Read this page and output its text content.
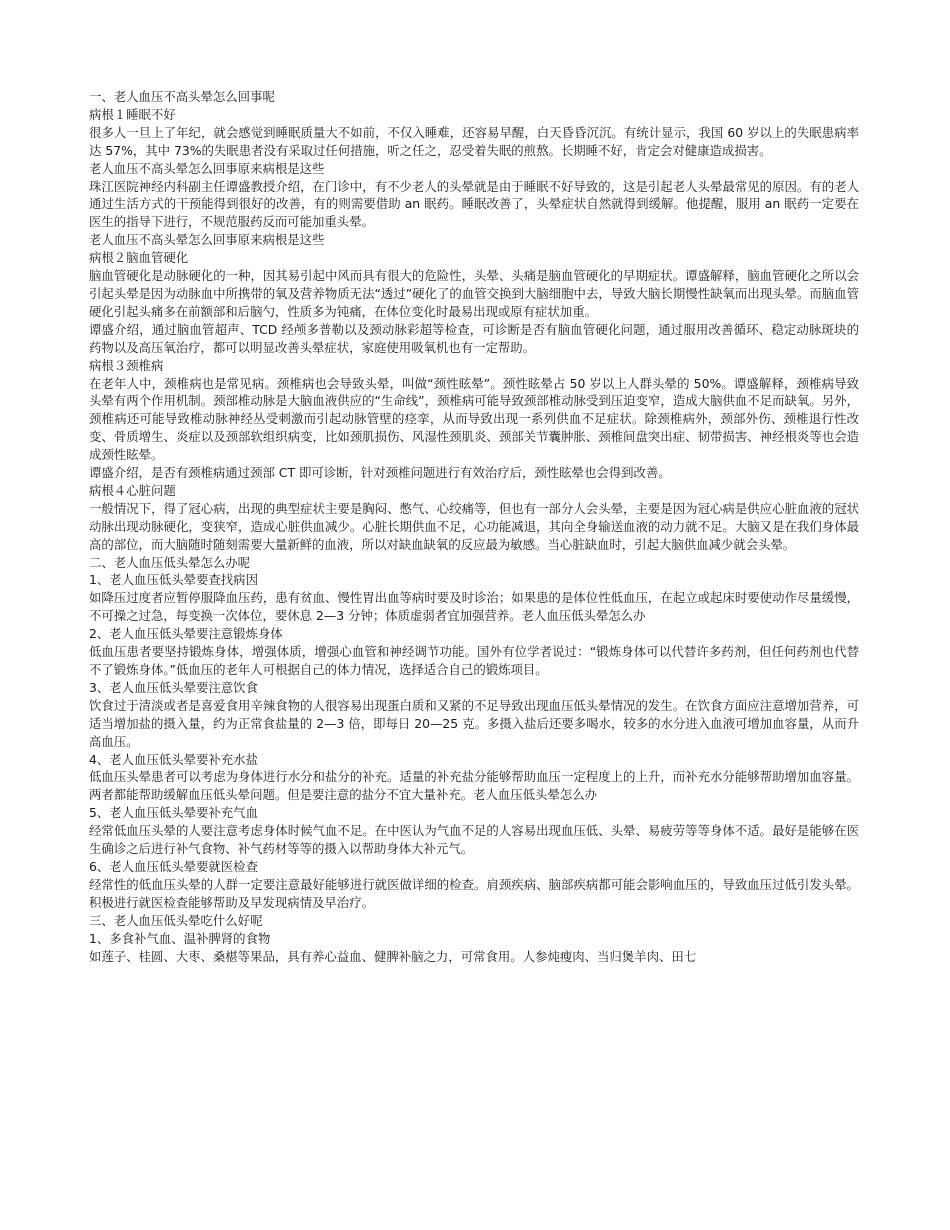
一、老人血压不高头晕怎么回事呢

病根１睡眠不好

很多人一旦上了年纪，就会感觉到睡眠质量大不如前，不仅入睡难，还容易早醒，白天昏昏沉沉。有统计显示，我国 60 岁以上的失眠患病率达 57%，其中 73%的失眠患者没有采取过任何措施，听之任之，忍受着失眠的煎熬。长期睡不好，肯定会对健康造成损害。

老人血压不高头晕怎么回事原来病根是这些

珠江医院神经内科副主任谭盛教授介绍，在门诊中，有不少老人的头晕就是由于睡眠不好导致的，这是引起老人头晕最常见的原因。有的老人通过生活方式的干预能得到很好的改善，有的则需要借助 an 眠药。睡眠改善了，头晕症状自然就得到缓解。他提醒，服用 an 眠药一定要在医生的指导下进行，不规范服药反而可能加重头晕。

老人血压不高头晕怎么回事原来病根是这些

病根２脑血管硬化

脑血管硬化是动脉硬化的一种，因其易引起中风而具有很大的危险性，头晕、头痛是脑血管硬化的早期症状。谭盛解释，脑血管硬化之所以会引起头晕是因为动脉血中所携带的氧及营养物质无法“透过”硬化了的血管交换到大脑细胞中去，导致大脑长期慢性缺氧而出现头晕。而脑血管硬化引起头痛多在前额部和后脑勺，性质多为钝痛，在体位变化时最易出现或原有症状加重。

谭盛介绍，通过脑血管超声、TCD 经颅多普勒以及颈动脉彩超等检查，可诊断是否有脑血管硬化问题，通过服用改善循环、稳定动脉斑块的药物以及高压氧治疗，都可以明显改善头晕症状，家庭使用吸氧机也有一定帮助。

病根３颈椎病

在老年人中，颈椎病也是常见病。颈椎病也会导致头晕，叫做“颈性眩晕”。颈性眩晕占 50 岁以上人群头晕的 50%。谭盛解释，颈椎病导致头晕有两个作用机制。颈部椎动脉是大脑血液供应的“生命线”，颈椎病可能导致颈部椎动脉受到压迫变窄，造成大脑供血不足而缺氧。另外，颈椎病还可能导致椎动脉神经丛受刺激而引起动脉管壁的痉挛，从而导致出现一系列供血不足症状。除颈椎病外，颈部外伤、颈椎退行性改变、骨质增生、炎症以及颈部软组织病变，比如颈肌损伤、风湿性颈肌炎、颈部关节囊肿胀、颈椎间盘突出症、韧带损害、神经根炎等也会造成颈性眩晕。

谭盛介绍，是否有颈椎病通过颈部 CT 即可诊断，针对颈椎问题进行有效治疗后，颈性眩晕也会得到改善。

病根４心脏问题

一般情况下，得了冠心病，出现的典型症状主要是胸闷、憋气、心绞痛等，但也有一部分人会头晕，主要是因为冠心病是供应心脏血液的冠状动脉出现动脉硬化，变狭窄，造成心脏供血减少。心脏长期供血不足，心功能减退，其向全身输送血液的动力就不足。大脑又是在我们身体最高的部位，而大脑随时随刻需要大量新鲜的血液，所以对缺血缺氧的反应最为敏感。当心脏缺血时，引起大脑供血减少就会头晕。

二、老人血压低头晕怎么办呢

1、老人血压低头晕要查找病因

如降压过度者应暂停服降血压药，患有贫血、慢性胃出血等病时要及时诊治；如果患的是体位性低血压，在起立或起床时要使动作尽量缓慢，不可操之过急，每变换一次体位，要休息 2—3 分钟；体质虚弱者宜加强营养。老人血压低头晕怎么办

2、老人血压低头晕要注意锻炼身体

低血压患者要坚持锻炼身体，增强体质，增强心血管和神经调节功能。国外有位学者说过：“锻炼身体可以代替许多药剂，但任何药剂也代替不了锻炼身体。”低血压的老年人可根据自己的体力情况，选择适合自己的锻炼项目。

3、老人血压低头晕要注意饮食

饮食过于清淡或者是喜爱食用辛辣食物的人很容易出现蛋白质和又紧的不足导致出现血压低头晕情况的发生。在饮食方面应注意增加营养，可适当增加盐的摄入量，约为正常食盐量的 2—3 倍，即每日 20—25 克。多摄入盐后还要多喝水，较多的水分进入血液可增加血容量，从而升高血压。

4、老人血压低头晕要补充水盐

低血压头晕患者可以考虑为身体进行水分和盐分的补充。适量的补充盐分能够帮助血压一定程度上的上升，而补充水分能够帮助增加血容量。两者都能帮助缓解血压低头晕问题。但是要注意的盐分不宜大量补充。老人血压低头晕怎么办

5、老人血压低头晕要补充气血

经常低血压头晕的人要注意考虑身体时候气血不足。在中医认为气血不足的人容易出现血压低、头晕、易疲劳等等身体不适。最好是能够在医生确诊之后进行补气食物、补气药材等等的摄入以帮助身体大补元气。

6、老人血压低头晕要就医检查

经常性的低血压头晕的人群一定要注意最好能够进行就医做详细的检查。肩颈疾病、脑部疾病都可能会影响血压的，导致血压过低引发头晕。积极进行就医检查能够帮助及早发现病情及早治疗。

三、老人血压低头晕吃什么好呢

1、多食补气血、温补脾肾的食物

如莲子、桂圆、大枣、桑椹等果品，具有养心益血、健脾补脑之力，可常食用。人参炖瘦肉、当归煲羊肉、田七
